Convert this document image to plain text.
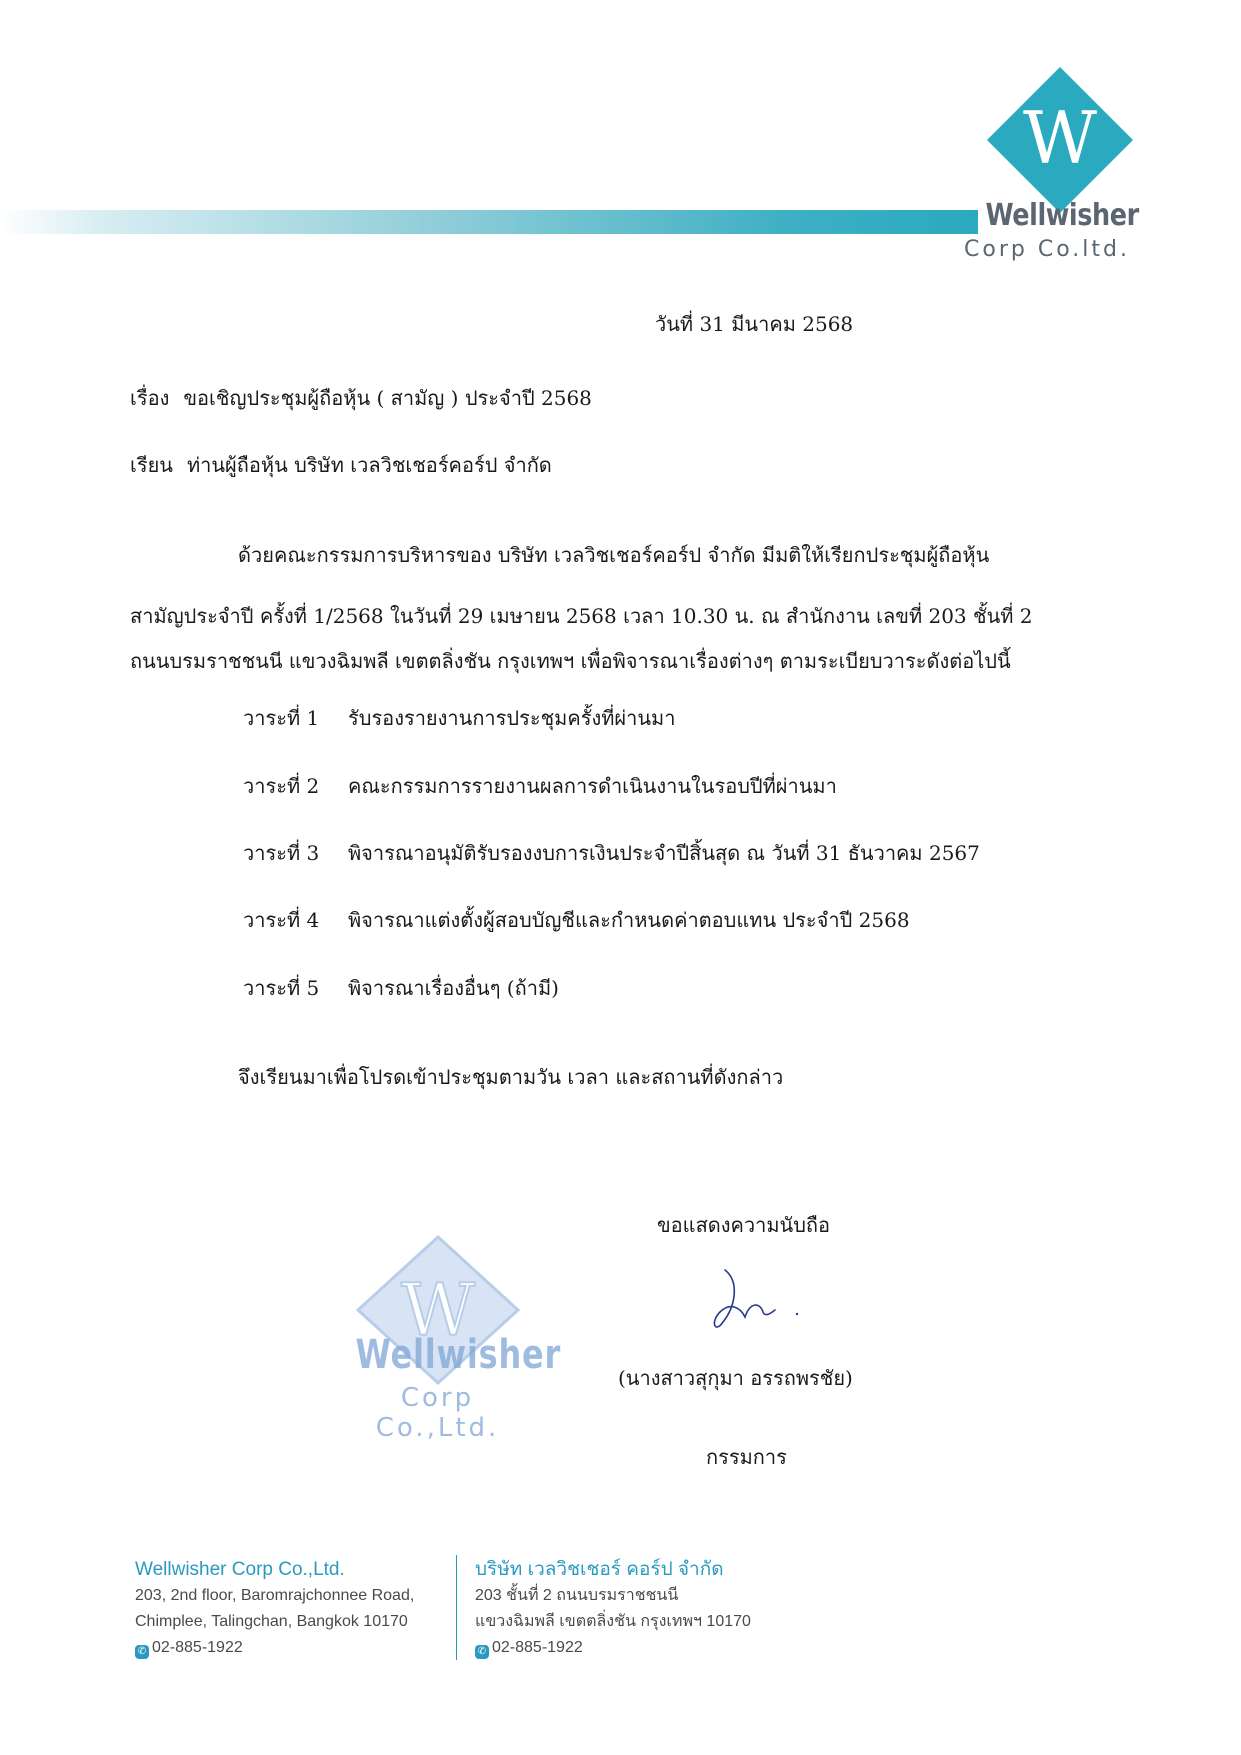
W
Wellwisher
Corp Co.ltd.
วันที่ 31 มีนาคม 2568
เรื่อง ขอเชิญประชุมผู้ถือหุ้น ( สามัญ ) ประจำปี 2568
เรียน ท่านผู้ถือหุ้น บริษัท เวลวิชเชอร์คอร์ป จำกัด
ด้วยคณะกรรมการบริหารของ บริษัท เวลวิชเชอร์คอร์ป จำกัด มีมติให้เรียกประชุมผู้ถือหุ้น
สามัญประจำปี ครั้งที่ 1/2568 ในวันที่ 29 เมษายน 2568 เวลา 10.30 น. ณ สำนักงาน เลขที่ 203 ชั้นที่ 2
ถนนบรมราชชนนี แขวงฉิมพลี เขตตลิ่งชัน กรุงเทพฯ เพื่อพิจารณาเรื่องต่างๆ ตามระเบียบวาระดังต่อไปนี้
วาระที่ 1 รับรองรายงานการประชุมครั้งที่ผ่านมา
วาระที่ 2 คณะกรรมการรายงานผลการดำเนินงานในรอบปีที่ผ่านมา
วาระที่ 3 พิจารณาอนุมัติรับรองงบการเงินประจำปีสิ้นสุด ณ วันที่ 31 ธันวาคม 2567
วาระที่ 4 พิจารณาแต่งตั้งผู้สอบบัญชีและกำหนดค่าตอบแทน ประจำปี 2568
วาระที่ 5 พิจารณาเรื่องอื่นๆ (ถ้ามี)
จึงเรียนมาเพื่อโปรดเข้าประชุมตามวัน เวลา และสถานที่ดังกล่าว
W
Wellwisher
Corp Co.,Ltd.
ขอแสดงความนับถือ
(นางสาวสุกุมา อรรถพรชัย)
กรรมการ
Wellwisher Corp Co.,Ltd.
203, 2nd floor, Baromrajchonnee Road,
Chimplee, Talingchan, Bangkok 10170
✆ 02-885-1922
บริษัท เวลวิชเชอร์ คอร์ป จำกัด
203 ชั้นที่ 2 ถนนบรมราชชนนี
แขวงฉิมพลี เขตตลิ่งชัน กรุงเทพฯ 10170
✆ 02-885-1922
